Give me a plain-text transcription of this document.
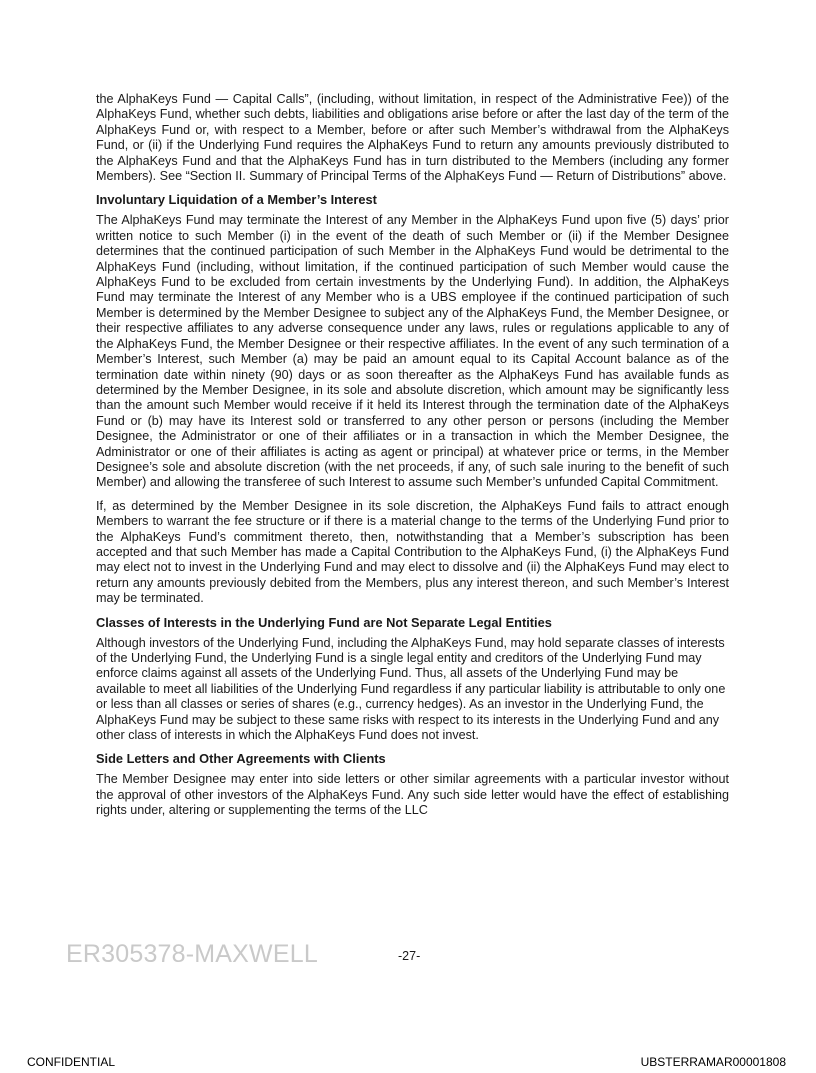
the AlphaKeys Fund — Capital Calls”, (including, without limitation, in respect of the Administrative Fee)) of the AlphaKeys Fund, whether such debts, liabilities and obligations arise before or after the last day of the term of the AlphaKeys Fund or, with respect to a Member, before or after such Member’s withdrawal from the AlphaKeys Fund, or (ii) if the Underlying Fund requires the AlphaKeys Fund to return any amounts previously distributed to the AlphaKeys Fund and that the AlphaKeys Fund has in turn distributed to the Members (including any former Members). See “Section II. Summary of Principal Terms of the AlphaKeys Fund — Return of Distributions” above.

Involuntary Liquidation of a Member’s Interest

The AlphaKeys Fund may terminate the Interest of any Member in the AlphaKeys Fund upon five (5) days’ prior written notice to such Member (i) in the event of the death of such Member or (ii) if the Member Designee determines that the continued participation of such Member in the AlphaKeys Fund would be detrimental to the AlphaKeys Fund (including, without limitation, if the continued participation of such Member would cause the AlphaKeys Fund to be excluded from certain investments by the Underlying Fund). In addition, the AlphaKeys Fund may terminate the Interest of any Member who is a UBS employee if the continued participation of such Member is determined by the Member Designee to subject any of the AlphaKeys Fund, the Member Designee, or their respective affiliates to any adverse consequence under any laws, rules or regulations applicable to any of the AlphaKeys Fund, the Member Designee or their respective affiliates. In the event of any such termination of a Member’s Interest, such Member (a) may be paid an amount equal to its Capital Account balance as of the termination date within ninety (90) days or as soon thereafter as the AlphaKeys Fund has available funds as determined by the Member Designee, in its sole and absolute discretion, which amount may be significantly less than the amount such Member would receive if it held its Interest through the termination date of the AlphaKeys Fund or (b) may have its Interest sold or transferred to any other person or persons (including the Member Designee, the Administrator or one of their affiliates or in a transaction in which the Member Designee, the Administrator or one of their affiliates is acting as agent or principal) at whatever price or terms, in the Member Designee’s sole and absolute discretion (with the net proceeds, if any, of such sale inuring to the benefit of such Member) and allowing the transferee of such Interest to assume such Member’s unfunded Capital Commitment.

If, as determined by the Member Designee in its sole discretion, the AlphaKeys Fund fails to attract enough Members to warrant the fee structure or if there is a material change to the terms of the Underlying Fund prior to the AlphaKeys Fund’s commitment thereto, then, notwithstanding that a Member’s subscription has been accepted and that such Member has made a Capital Contribution to the AlphaKeys Fund, (i) the AlphaKeys Fund may elect not to invest in the Underlying Fund and may elect to dissolve and (ii) the AlphaKeys Fund may elect to return any amounts previously debited from the Members, plus any interest thereon, and such Member’s Interest may be terminated.

Classes of Interests in the Underlying Fund are Not Separate Legal Entities

Although investors of the Underlying Fund, including the AlphaKeys Fund, may hold separate classes of interests of the Underlying Fund, the Underlying Fund is a single legal entity and creditors of the Underlying Fund may enforce claims against all assets of the Underlying Fund. Thus, all assets of the Underlying Fund may be available to meet all liabilities of the Underlying Fund regardless if any particular liability is attributable to only one or less than all classes or series of shares (e.g., currency hedges). As an investor in the Underlying Fund, the AlphaKeys Fund may be subject to these same risks with respect to its interests in the Underlying Fund and any other class of interests in which the AlphaKeys Fund does not invest.

Side Letters and Other Agreements with Clients

The Member Designee may enter into side letters or other similar agreements with a particular investor without the approval of other investors of the AlphaKeys Fund. Any such side letter would have the effect of establishing rights under, altering or supplementing the terms of the LLC

ER305378-MAXWELL	-27-
CONFIDENTIAL	UBSTERRAMAR00001808
